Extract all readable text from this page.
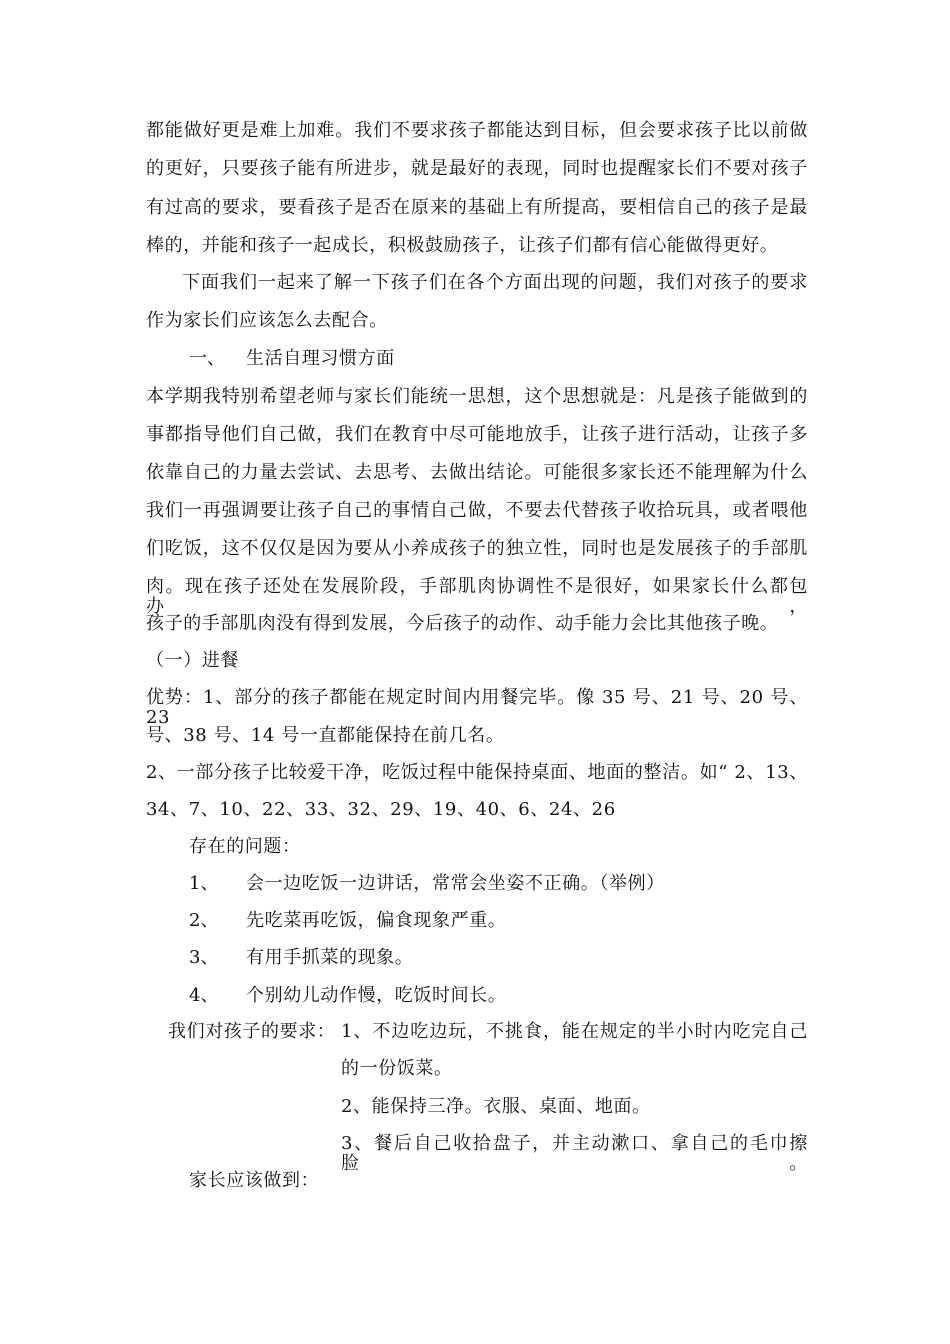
都能做好更是难上加难。我们不要求孩子都能达到目标，但会要求孩子比以前做
的更好，只要孩子能有所进步，就是最好的表现，同时也提醒家长们不要对孩子
有过高的要求，要看孩子是否在原来的基础上有所提高，要相信自己的孩子是最
棒的，并能和孩子一起成长，积极鼓励孩子，让孩子们都有信心能做得更好。
下面我们一起来了解一下孩子们在各个方面出现的问题，我们对孩子的要求
作为家长们应该怎么去配合。
一、 生活自理习惯方面
本学期我特别希望老师与家长们能统一思想，这个思想就是：凡是孩子能做到的
事都指导他们自己做，我们在教育中尽可能地放手，让孩子进行活动，让孩子多
依靠自己的力量去尝试、去思考、去做出结论。可能很多家长还不能理解为什么
我们一再强调要让孩子自己的事情自己做，不要去代替孩子收拾玩具，或者喂他
们吃饭，这不仅仅是因为要从小养成孩子的独立性，同时也是发展孩子的手部肌
肉。现在孩子还处在发展阶段，手部肌肉协调性不是很好，如果家长什么都包办，
孩子的手部肌肉没有得到发展，今后孩子的动作、动手能力会比其他孩子晚。
（一）进餐
优势：1、部分的孩子都能在规定时间内用餐完毕。像 35 号、21 号、20 号、23
号、38 号、14 号一直都能保持在前几名。
2、一部分孩子比较爱干净，吃饭过程中能保持桌面、地面的整洁。如“ 2、13、
34、7、10、22、33、32、29、19、40、6、24、26
存在的问题：
1、 会一边吃饭一边讲话，常常会坐姿不正确。（举例）
2、 先吃菜再吃饭，偏食现象严重。
3、 有用手抓菜的现象。
4、 个别幼儿动作慢，吃饭时间长。
我们对孩子的要求： 1、不边吃边玩，不挑食，能在规定的半小时内吃完自己
的一份饭菜。
2、能保持三净。衣服、桌面、地面。
3、餐后自己收拾盘子，并主动漱口、拿自己的毛巾擦脸。
家长应该做到：
